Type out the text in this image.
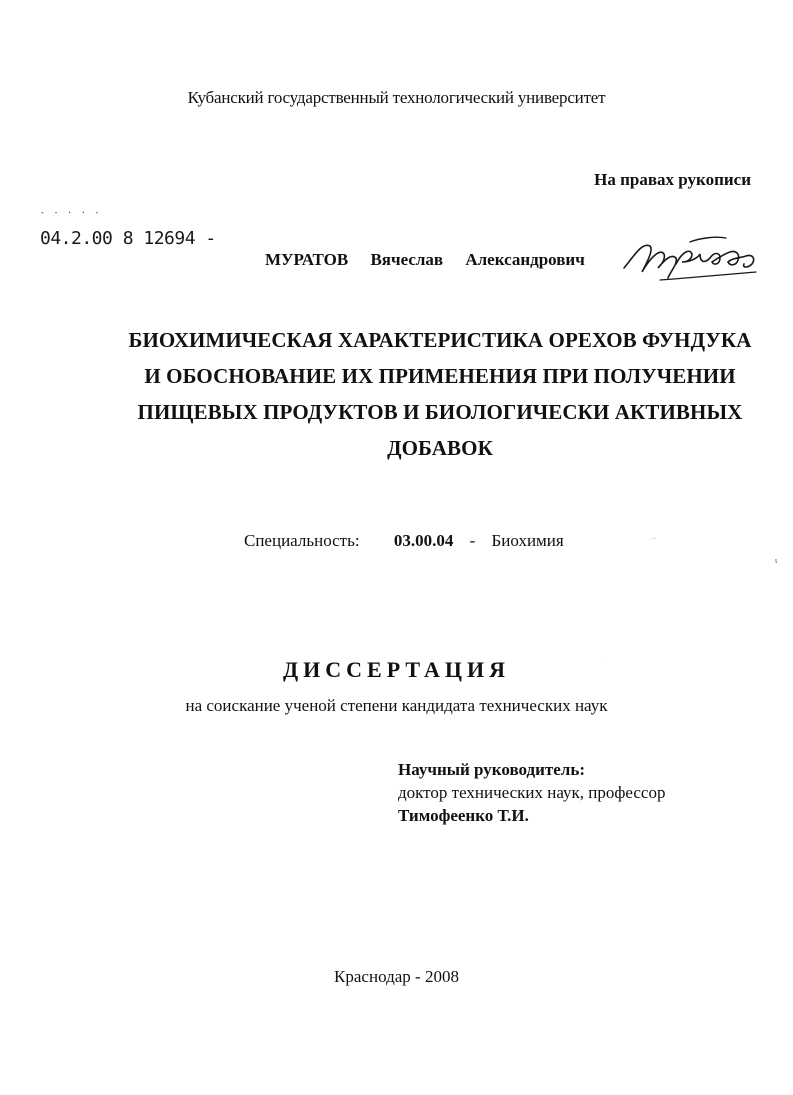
Кубанский государственный технологический университет
На правах рукописи
- - · · -
04.2.00 8 12694 -
МУРАТОВ Вячеслав Александрович
БИОХИМИЧЕСКАЯ ХАРАКТЕРИСТИКА ОРЕХОВ ФУНДУКА
И ОБОСНОВАНИЕ ИХ ПРИМЕНЕНИЯ ПРИ ПОЛУЧЕНИИ
ПИЩЕВЫХ ПРОДУКТОВ И БИОЛОГИЧЕСКИ АКТИВНЫХ
ДОБАВОК
Специальность: 03.00.04 - Биохимия	···
ι
·
ДИССЕРТАЦИЯ
на соискание ученой степени кандидата технических наук
Научный руководитель:
доктор технических наук, профессор
Тимофеенко Т.И.
Краснодар - 2008
